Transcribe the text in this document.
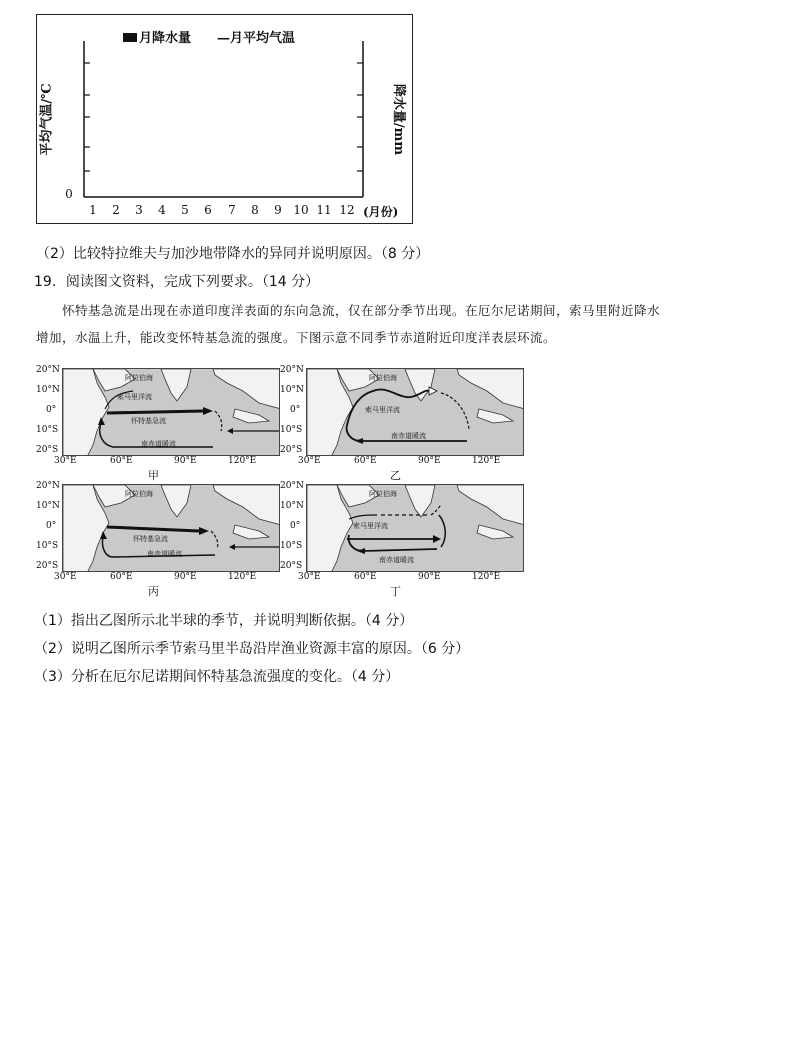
月降水量 —月平均气温
平均气温/℃	降水量/mm
0
1	2	3	4	5	6	7	8	9 10 11 12 (月份)
（2）比较特拉维夫与加沙地带降水的异同并说明原因。（8 分）
19．阅读图文资料，完成下列要求。（14 分）
怀特基急流是出现在赤道印度洋表面的东向急流，仅在部分季节出现。在厄尔尼诺期间，索马里附近降水
增加，水温上升，能改变怀特基急流的强度。下图示意不同季节赤道附近印度洋表层环流。
20°N
10°N
0°
10°S
20°S
阿拉伯海
索马里洋流
怀特基急流
南赤道暖流
30°E	60°E	90°E	120°E
甲
20°N
10°N
0°
10°S
20°S
阿拉伯海
索马里洋流
南赤道暖流
30°E	60°E	90°E	120°E
乙
20°N
10°N
0°
10°S
20°S
阿拉伯海
怀特基急流
南赤道暖流
30°E	60°E	90°E	120°E
丙
20°N
10°N
0°
10°S
20°S
阿拉伯海
索马里洋流
南赤道暖流
30°E	60°E	90°E	120°E
丁
（1）指出乙图所示北半球的季节，并说明判断依据。（4 分）
（2）说明乙图所示季节索马里半岛沿岸渔业资源丰富的原因。（6 分）
（3）分析在厄尔尼诺期间怀特基急流强度的变化。（4 分）
